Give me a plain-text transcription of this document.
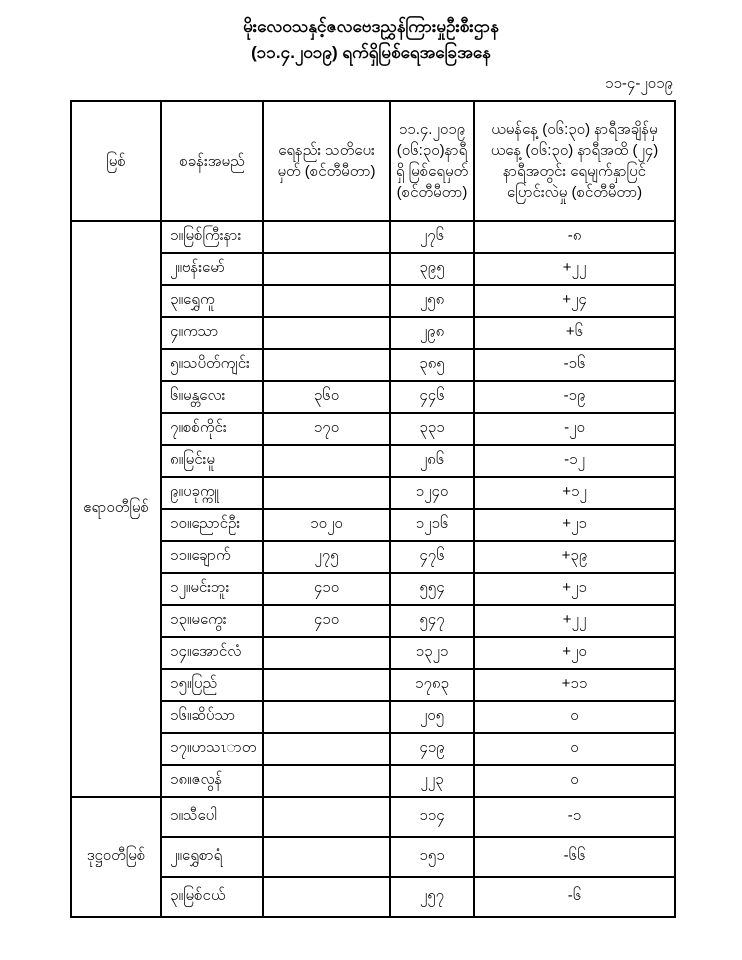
မိုးလေဝသနှင့်ဇလဗေဒညွှန်ကြားမှုဦးစီးဌာန
(၁၁.၄.၂၀၁၉) ရက်ရှိမြစ်ရေအခြေအနေ
၁၁-၄-၂၀၁၉
မြစ်	စခန်းအမည်	ရေနည်း သတိပေးမှတ် (စင်တီမီတာ)	၁၁.၄.၂၀၁၉ (၀၆:၃၀)နာရီရှိ မြစ်ရေမှတ် (စင်တီမီတာ)	ယမန်နေ့ (၀၆:၃၀) နာရီအချိန်မှ ယနေ့ (၀၆:၃၀) နာရီအထိ (၂၄) နာရီအတွင်း ရေမျက်နှာပြင်ပြောင်းလဲမှု (စင်တီမီတာ)
ဧရာဝတီမြစ်	၁။မြစ်ကြီးနား		၂၇၆	-၈
	၂။ဗန်းမော်		၃၉၅	+၂၂
	၃။ရွှေကူ		၂၅၈	+၂၄
	၄။ကသာ		၂၉၈	+၆
	၅။သပိတ်ကျင်း		၃၈၅	-၁၆
	၆။မန္တလေး	၃၆၀	၄၄၆	-၁၉
	၇။စစ်ကိုင်း	၁၇၀	၃၃၁	-၂၀
	၈။မြင်းမူ		၂၈၆	-၁၂
	၉။ပခုက္ကူ		၁၂၄၀	+၁၂
	၁၀။ညောင်ဦး	၁၀၂၀	၁၂၁၆	+၂၁
	၁၁။ချောက်	၂၇၅	၄၇၆	+၃၉
	၁၂။မင်းဘူး	၄၁၀	၅၅၄	+၂၁
	၁၃။မကွေး	၄၁၀	၅၄၇	+၂၂
	၁၄။အောင်လံ		၁၃၂၁	+၂၀
	၁၅။ပြည်		၁၇၈၃	+၁၁
	၁၆။ဆိပ်သာ		၂၀၅	၀
	၁၇။ဟသၤာတ		၄၁၉	၀
	၁၈။ဇလွန်		၂၂၃	၀
ဒုဋ္ဌဝတီမြစ်	၁။သီပေါ		၁၁၄	-၁
	၂။ရွှေစာရံ		၁၅၁	-၆၆
	၃။မြစ်ငယ်		၂၅၇	-၆
